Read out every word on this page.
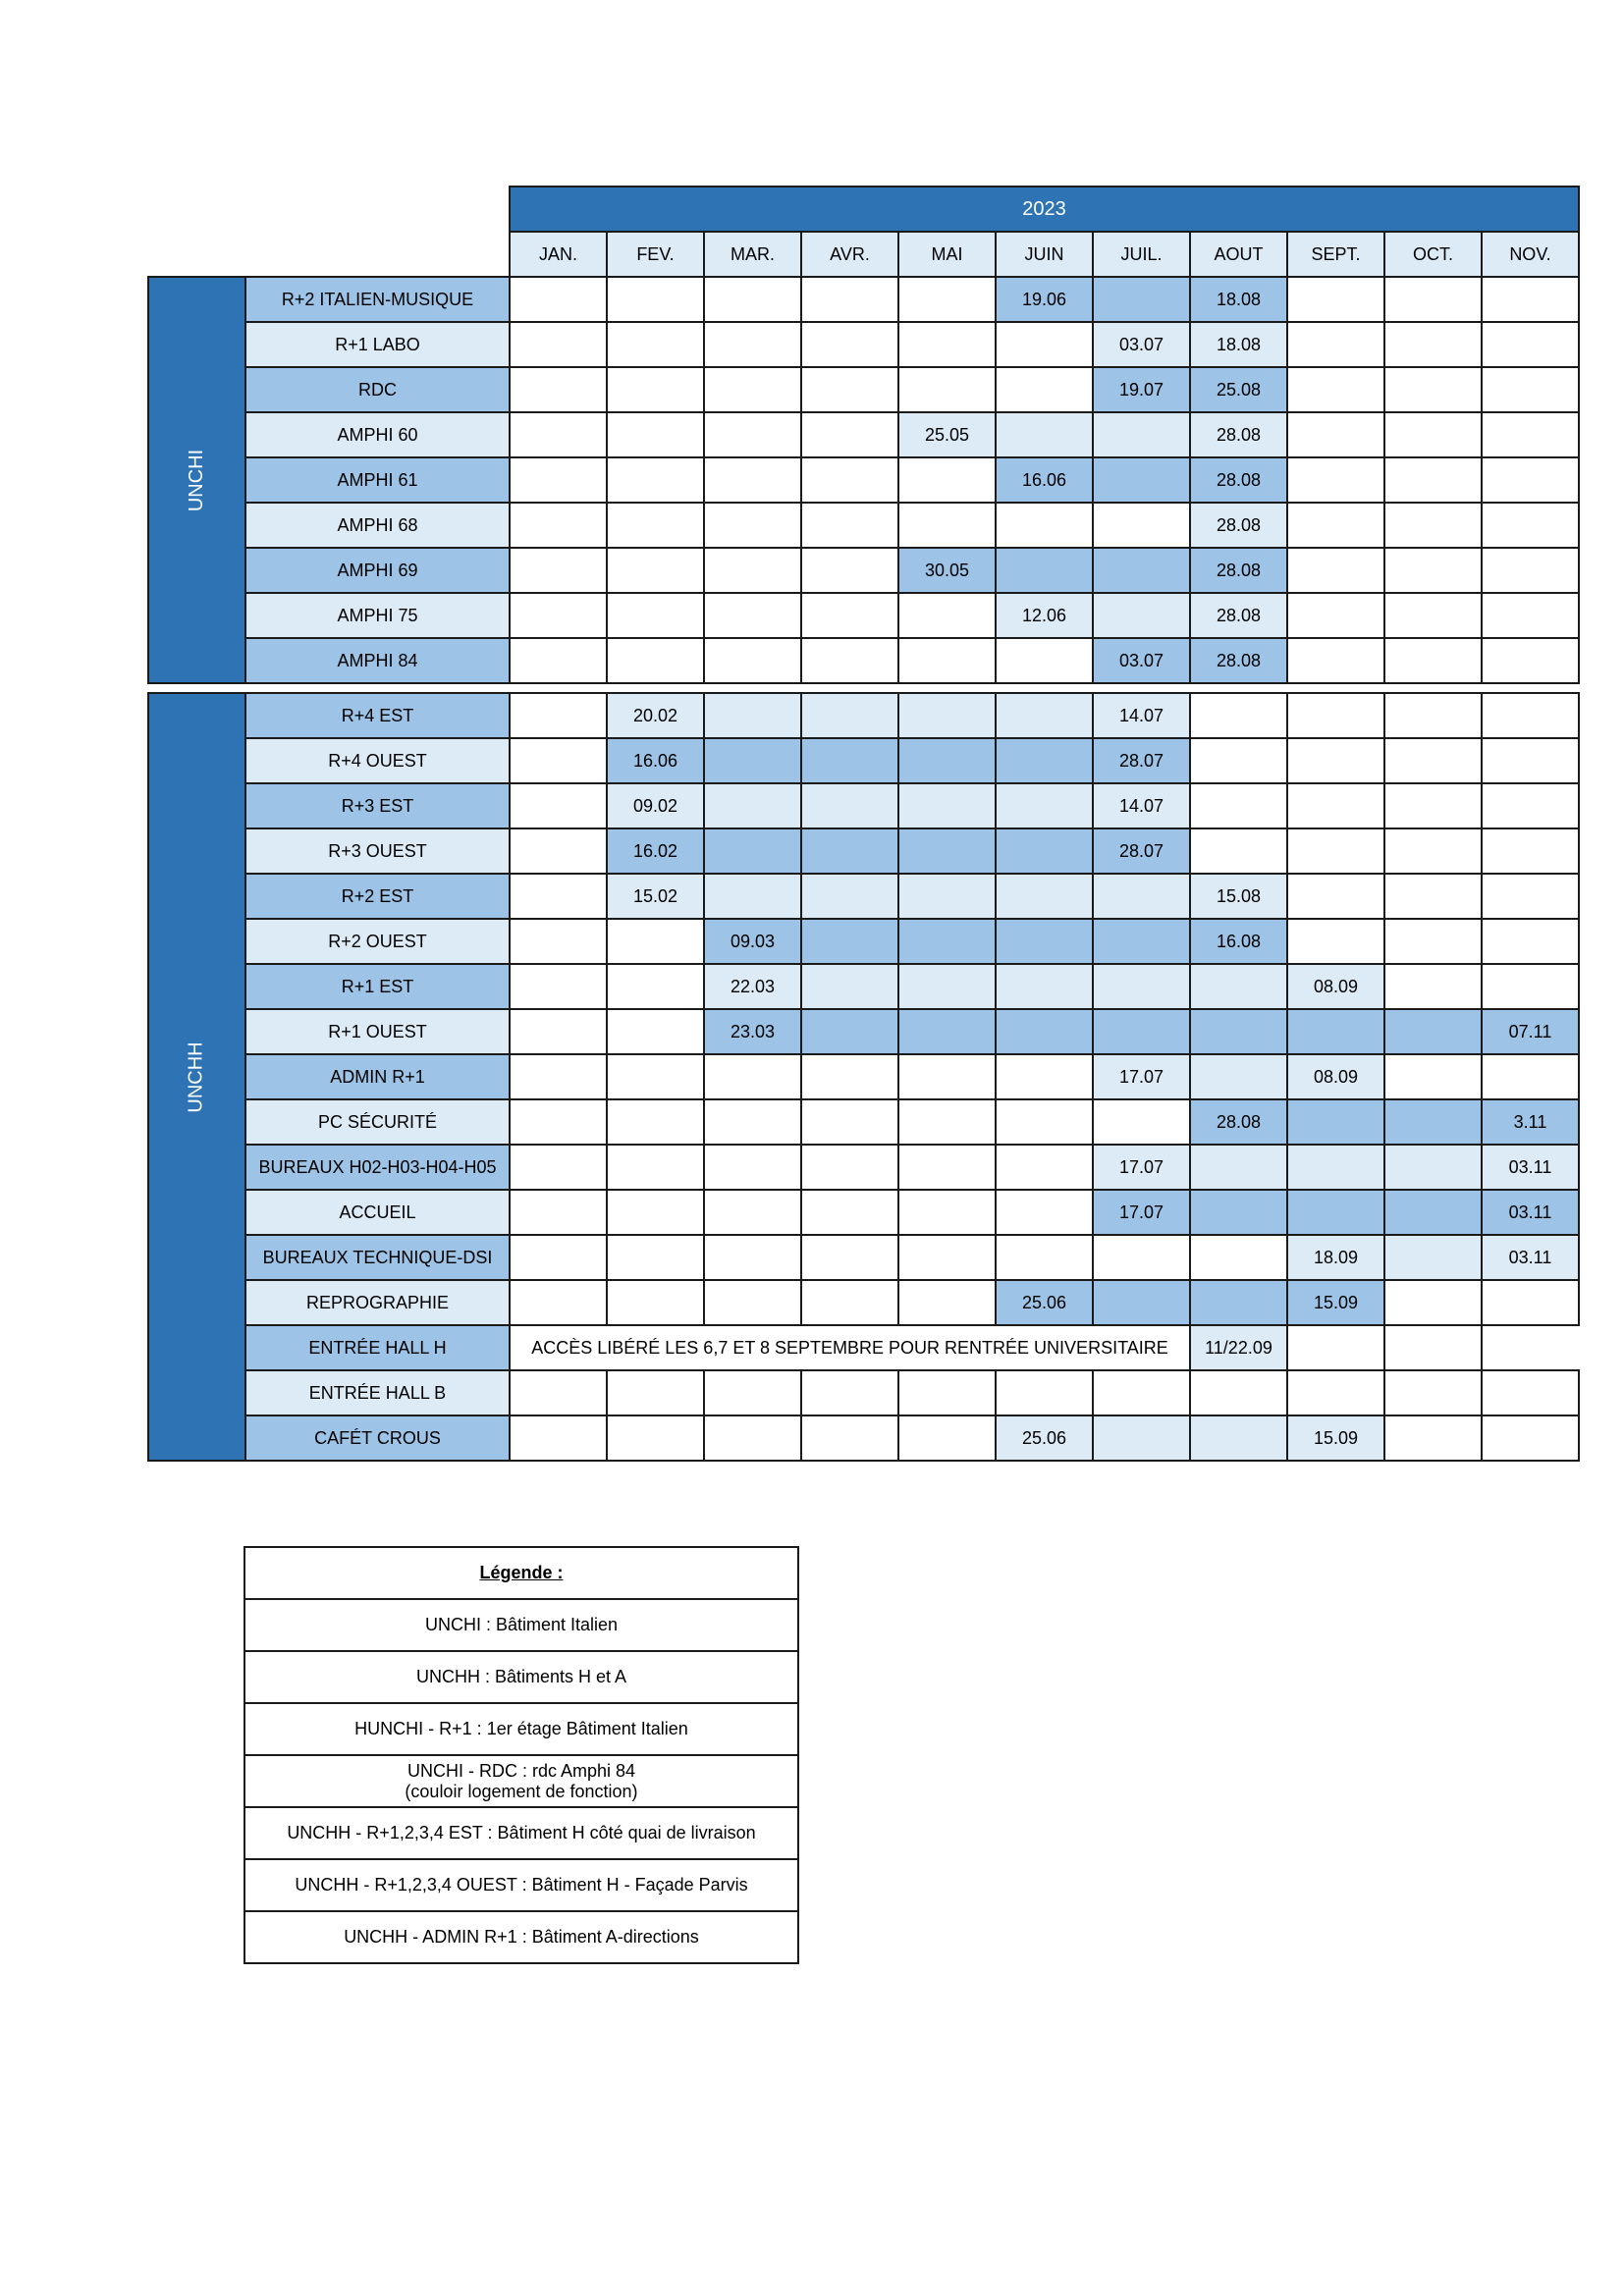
		2023										
		JAN.	FEV.	MAR.	AVR.	MAI	JUIN	JUIL.	AOUT	SEPT.	OCT.	NOV.
UNCHI	R+2 ITALIEN-MUSIQUE						19.06		18.08			
	R+1 LABO							03.07	18.08			
	RDC							19.07	25.08			
	AMPHI 60					25.05			28.08			
	AMPHI 61						16.06		28.08			
	AMPHI 68								28.08			
	AMPHI 69					30.05			28.08			
	AMPHI 75						12.06		28.08			
	AMPHI 84							03.07	28.08			

UNCHH	R+4 EST		20.02					14.07				
	R+4 OUEST		16.06					28.07				
	R+3 EST		09.02					14.07				
	R+3 OUEST		16.02					28.07				
	R+2 EST		15.02						15.08			
	R+2 OUEST			09.03					16.08			
	R+1 EST			22.03						08.09		
	R+1 OUEST			23.03								07.11
	ADMIN R+1							17.07		08.09		
	PC SÉCURITÉ								28.08			3.11
	BUREAUX H02-H03-H04-H05							17.07				03.11
	ACCUEIL							17.07				03.11
	BUREAUX TECHNIQUE-DSI									18.09		03.11
	REPROGRAPHIE						25.06			15.09		
	ENTRÉE HALL H	ACCÈS LIBÉRÉ LES 6,7 ET 8 SEPTEMBRE POUR RENTRÉE UNIVERSITAIRE							11/22.09			
	ENTRÉE HALL B											
	CAFÉT CROUS						25.06			15.09		
Légende :

UNCHI : Bâtiment Italien

UNCHH : Bâtiments H et A

HUNCHI - R+1 : 1er étage Bâtiment Italien

UNCHI - RDC : rdc Amphi 84
(couloir logement de fonction)

UNCHH - R+1,2,3,4 EST : Bâtiment H côté quai de livraison

UNCHH - R+1,2,3,4 OUEST : Bâtiment H - Façade Parvis

UNCHH - ADMIN R+1 : Bâtiment A-directions
